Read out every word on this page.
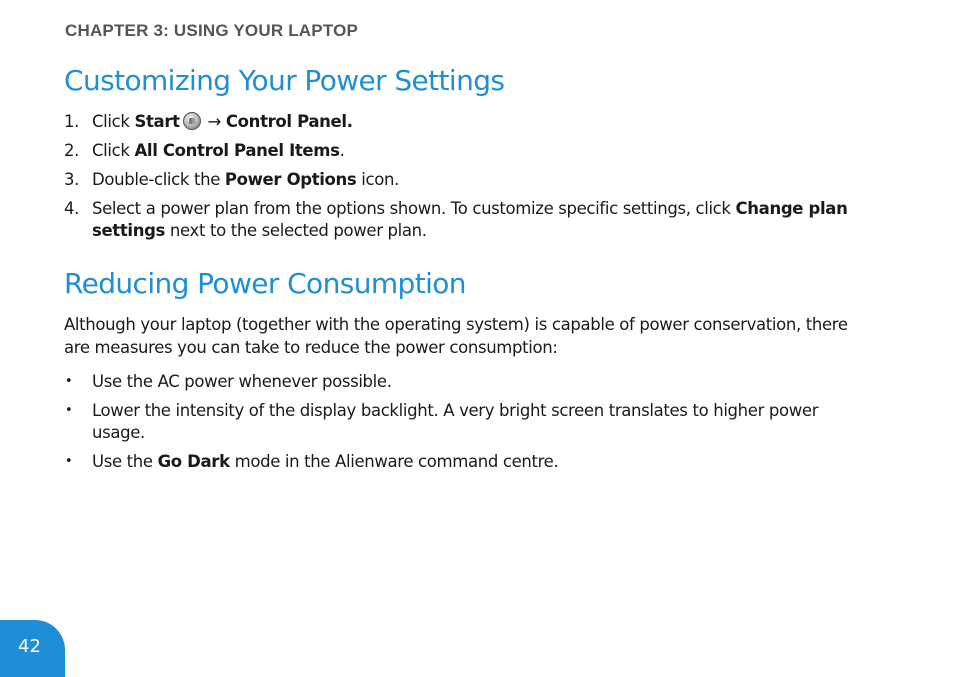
CHAPTER 3: USING YOUR LAPTOP

Customizing Your Power Settings
1. Click Start → Control Panel.
2. Click All Control Panel Items.
3. Double-click the Power Options icon.
4. Select a power plan from the options shown. To customize specific settings, click Change plan settings next to the selected power plan.
Reducing Power Consumption

Although your laptop (together with the operating system) is capable of power conservation, there are measures you can take to reduce the power consumption:

•	Use the AC power whenever possible.
•	Lower the intensity of the display backlight. A very bright screen translates to higher power usage.
•	Use the Go Dark mode in the Alienware command centre.
42
